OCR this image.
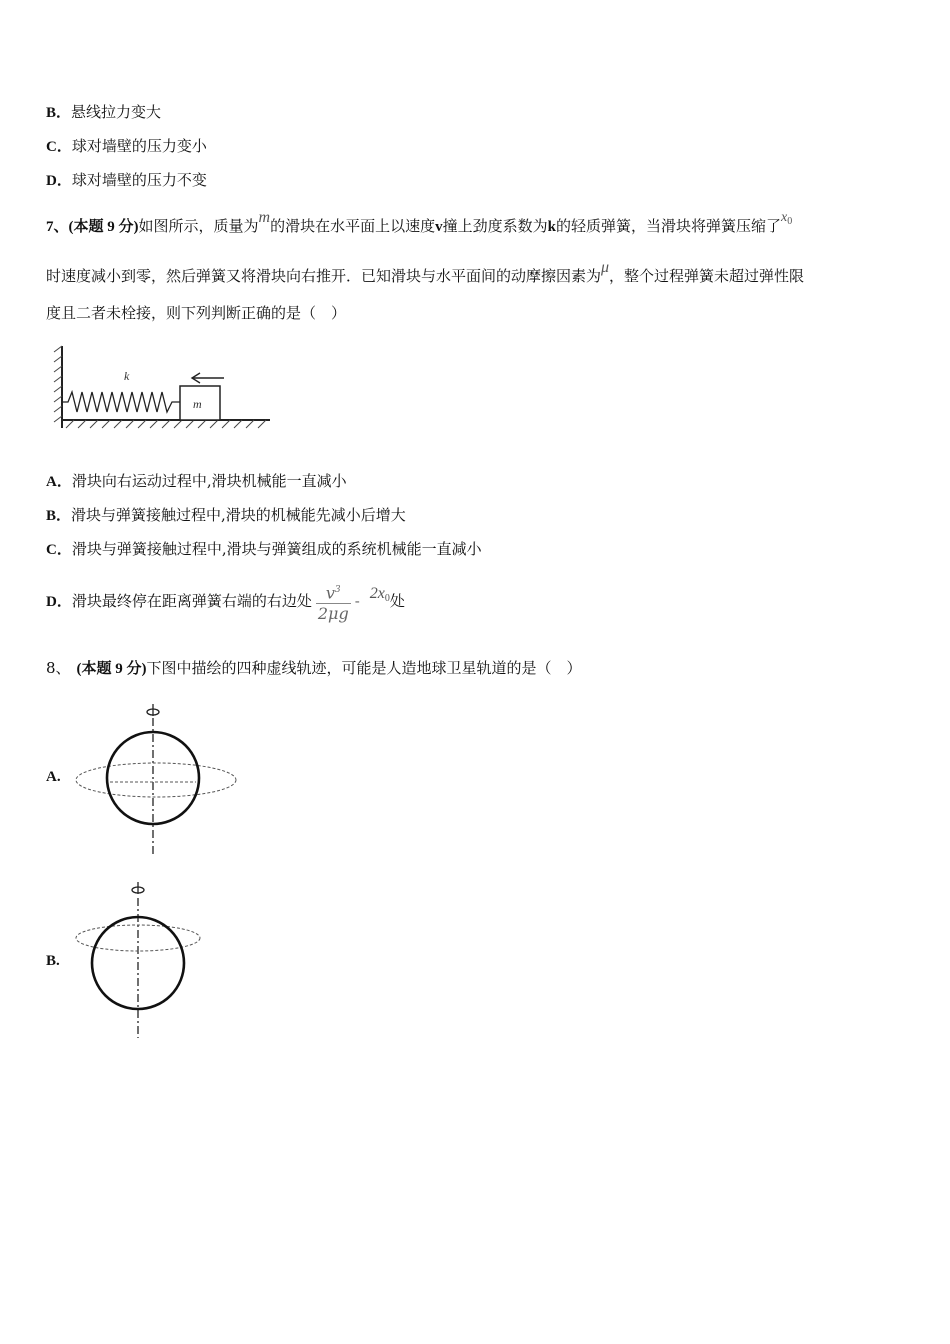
B．悬线拉力变大
C．球对墙壁的压力变小
D．球对墙壁的压力不变
7、(本题 9 分)如图所示，质量为m的滑块在水平面上以速度v撞上劲度系数为k的轻质弹簧，当滑块将弹簧压缩了$x_0$
时速度减小到零，然后弹簧又将滑块向右推开．已知滑块与水平面间的动摩擦因素为μ，整个过程弹簧未超过弹性限
度且二者未栓接，则下列判断正确的是（　）
k
m
A．滑块向右运动过程中,滑块机械能一直减小
B．滑块与弹簧接触过程中,滑块的机械能先减小后增大
C．滑块与弹簧接触过程中,滑块与弹簧组成的系统机械能一直减小
D．滑块最终停在距离弹簧右端的右边处 $\frac{v^3}{2\mu g} - 2x0$处
8、 (本题 9 分)下图中描绘的四种虚线轨迹，可能是人造地球卫星轨道的是（　）
A.
B.
